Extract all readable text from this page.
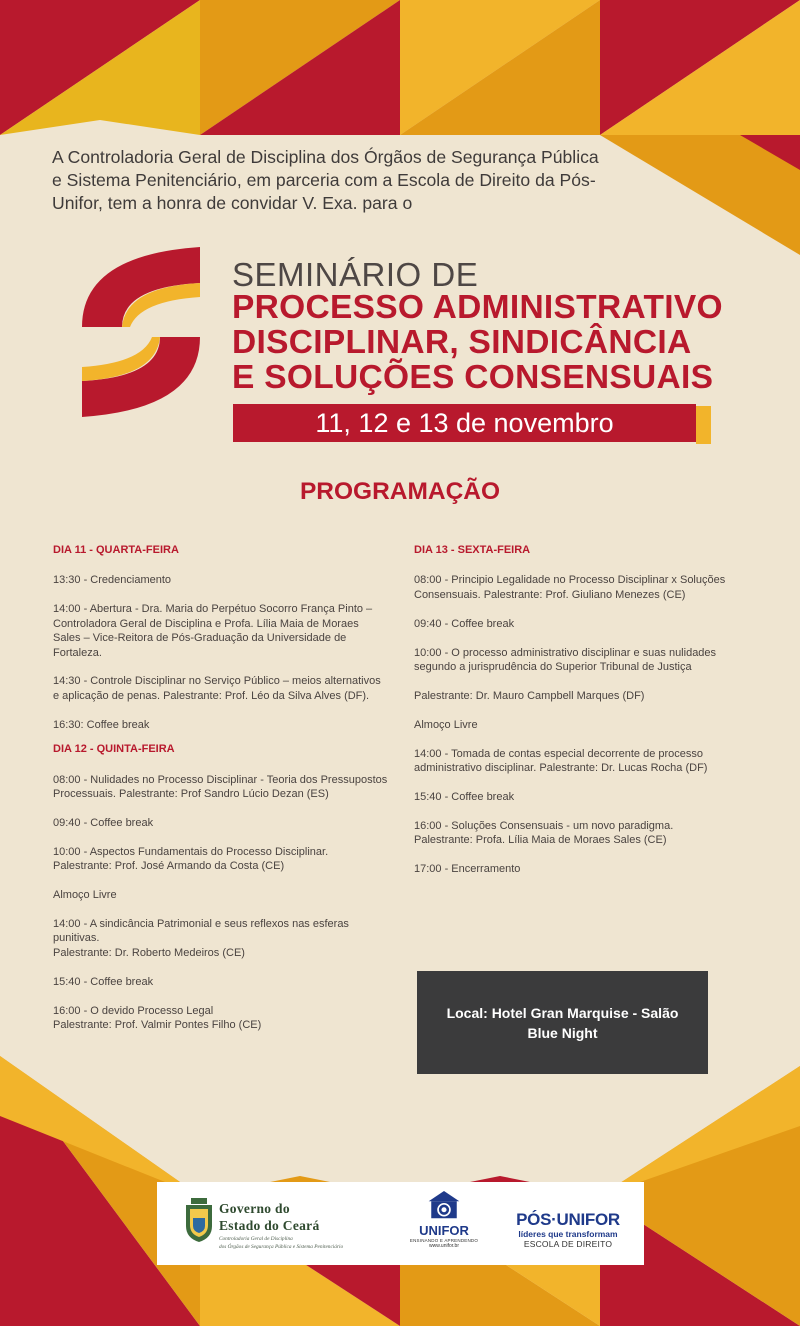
A Controladoria Geral de Disciplina dos Órgãos de Segurança Pública e Sistema Penitenciário, em parceria com a Escola de Direito da Pós-Unifor, tem a honra de convidar V. Exa. para o
SEMINÁRIO DE
PROCESSO ADMINISTRATIVO
DISCIPLINAR, SINDICÂNCIA
E SOLUÇÕES CONSENSUAIS
11, 12 e 13 de novembro
PROGRAMAÇÃO
DIA 11 - QUARTA-FEIRA
13:30 - Credenciamento
14:00 - Abertura - Dra. Maria do Perpétuo Socorro França Pinto – Controladora Geral de Disciplina e Profa. Lília Maia de Moraes Sales – Vice-Reitora de Pós-Graduação da Universidade de Fortaleza.
14:30 - Controle Disciplinar no Serviço Público – meios alternativos e aplicação de penas. Palestrante: Prof. Léo da Silva Alves (DF).
16:30: Coffee break
DIA 12 - QUINTA-FEIRA
08:00 - Nulidades no Processo Disciplinar - Teoria dos Pressupostos Processuais. Palestrante: Prof Sandro Lúcio Dezan (ES)
09:40 - Coffee break
10:00 - Aspectos Fundamentais do Processo Disciplinar. Palestrante: Prof. José Armando da Costa (CE)
Almoço Livre
14:00 - A sindicância Patrimonial e seus reflexos nas esferas punitivas.
Palestrante: Dr. Roberto Medeiros (CE)
15:40 - Coffee break
16:00 - O devido Processo Legal
Palestrante: Prof. Valmir Pontes Filho (CE)
DIA 13 - SEXTA-FEIRA
08:00 - Principio Legalidade no Processo Disciplinar x Soluções Consensuais. Palestrante: Prof. Giuliano Menezes (CE)
09:40 - Coffee break
10:00 - O processo administrativo disciplinar e suas nulidades segundo a jurisprudência do Superior Tribunal de Justiça
Palestrante: Dr. Mauro Campbell Marques (DF)
Almoço Livre
14:00 - Tomada de contas especial decorrente de processo administrativo disciplinar. Palestrante: Dr. Lucas Rocha (DF)
15:40 - Coffee break
16:00 - Soluções Consensuais - um novo paradigma.
Palestrante: Profa. Lília Maia de Moraes Sales (CE)
17:00 - Encerramento
Local: Hotel Gran Marquise - Salão Blue Night
Governo do
Estado do Ceará
Controladoria Geral de Disciplina
dos Órgãos de Segurança Pública e Sistema Penitenciário
UNIFOR
ENSINANDO E APRENDENDO
www.unifor.br
PÓS·UNIFOR
líderes que transformam
ESCOLA DE DIREITO
